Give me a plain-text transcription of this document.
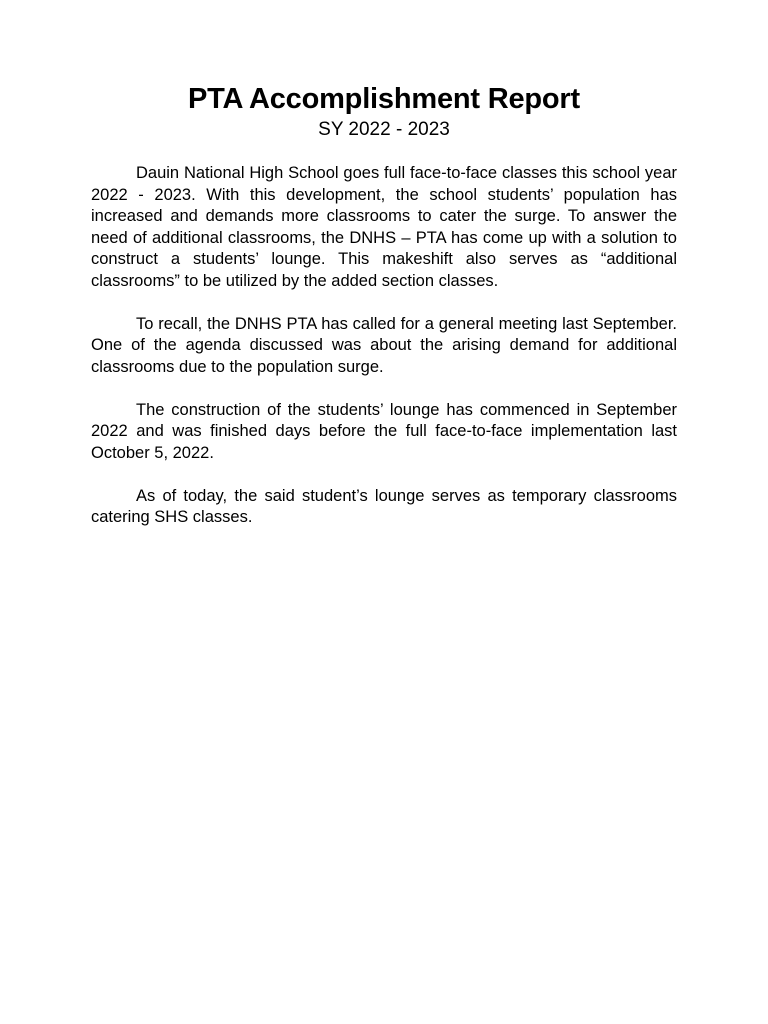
PTA Accomplishment Report
SY 2022 - 2023

Dauin National High School goes full face-to-face classes this school year 2022 - 2023. With this development, the school students’ population has increased and demands more classrooms to cater the surge. To answer the need of additional classrooms, the DNHS – PTA has come up with a solution to construct a students’ lounge. This makeshift also serves as “additional classrooms” to be utilized by the added section classes.

To recall, the DNHS PTA has called for a general meeting last September. One of the agenda discussed was about the arising demand for additional classrooms due to the population surge.

The construction of the students’ lounge has commenced in September 2022 and was finished days before the full face-to-face implementation last October 5, 2022.

As of today, the said student’s lounge serves as temporary classrooms catering SHS classes.
